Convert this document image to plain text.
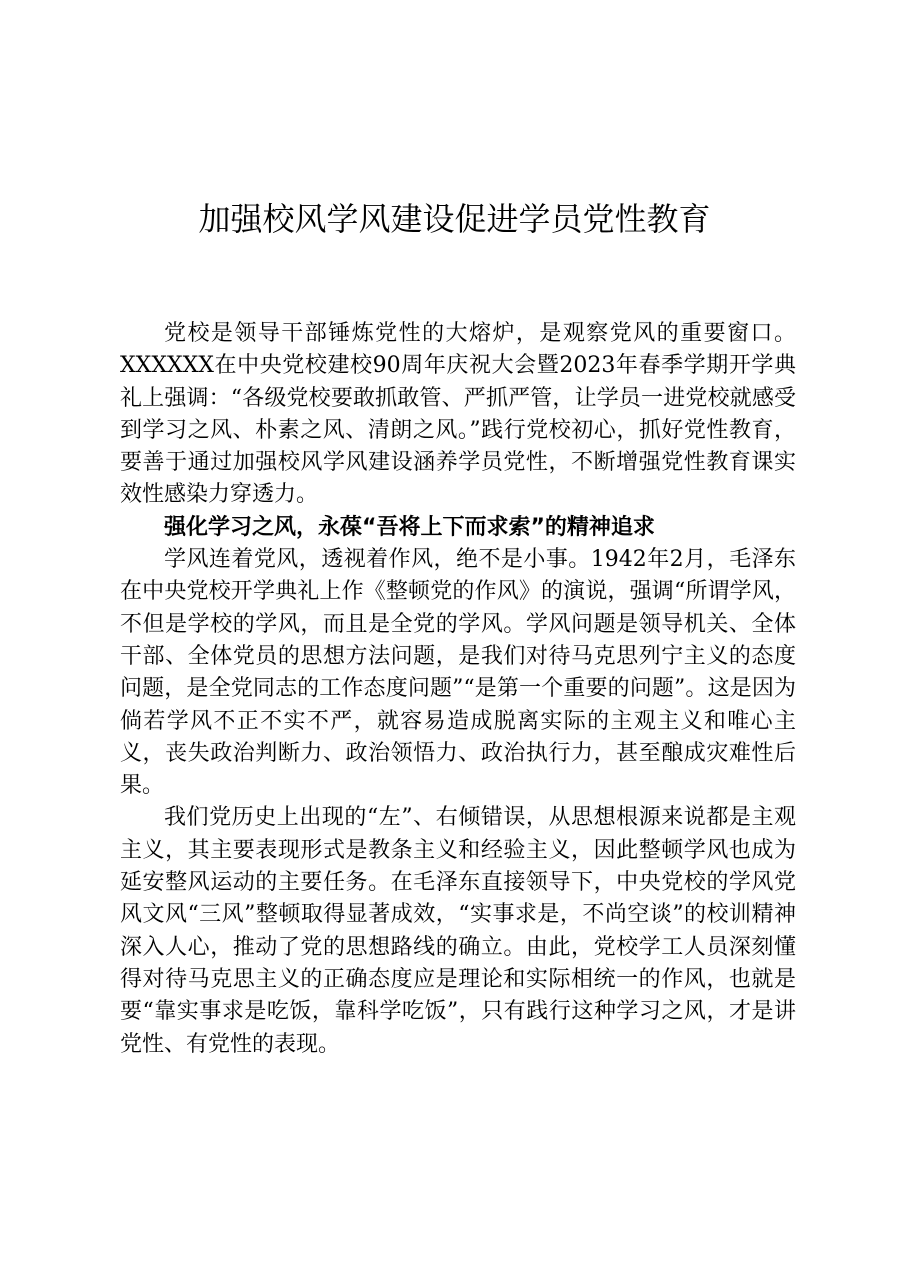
加强校风学风建设促进学员党性教育

党校是领导干部锤炼党性的大熔炉，是观察党风的重要窗口。XXXXXX在中央党校建校90周年庆祝大会暨2023年春季学期开学典礼上强调：“各级党校要敢抓敢管、严抓严管，让学员一进党校就感受到学习之风、朴素之风、清朗之风。”践行党校初心，抓好党性教育，要善于通过加强校风学风建设涵养学员党性，不断增强党性教育课实效性感染力穿透力。

强化学习之风，永葆“吾将上下而求索”的精神追求

学风连着党风，透视着作风，绝不是小事。1942年2月，毛泽东在中央党校开学典礼上作《整顿党的作风》的演说，强调“所谓学风，不但是学校的学风，而且是全党的学风。学风问题是领导机关、全体干部、全体党员的思想方法问题，是我们对待马克思列宁主义的态度问题，是全党同志的工作态度问题”“是第一个重要的问题”。这是因为倘若学风不正不实不严，就容易造成脱离实际的主观主义和唯心主义，丧失政治判断力、政治领悟力、政治执行力，甚至酿成灾难性后果。

我们党历史上出现的“左”、右倾错误，从思想根源来说都是主观主义，其主要表现形式是教条主义和经验主义，因此整顿学风也成为延安整风运动的主要任务。在毛泽东直接领导下，中央党校的学风党风文风“三风”整顿取得显著成效，“实事求是，不尚空谈”的校训精神深入人心，推动了党的思想路线的确立。由此，党校学工人员深刻懂得对待马克思主义的正确态度应是理论和实际相统一的作风，也就是要“靠实事求是吃饭，靠科学吃饭”，只有践行这种学习之风，才是讲党性、有党性的表现。
